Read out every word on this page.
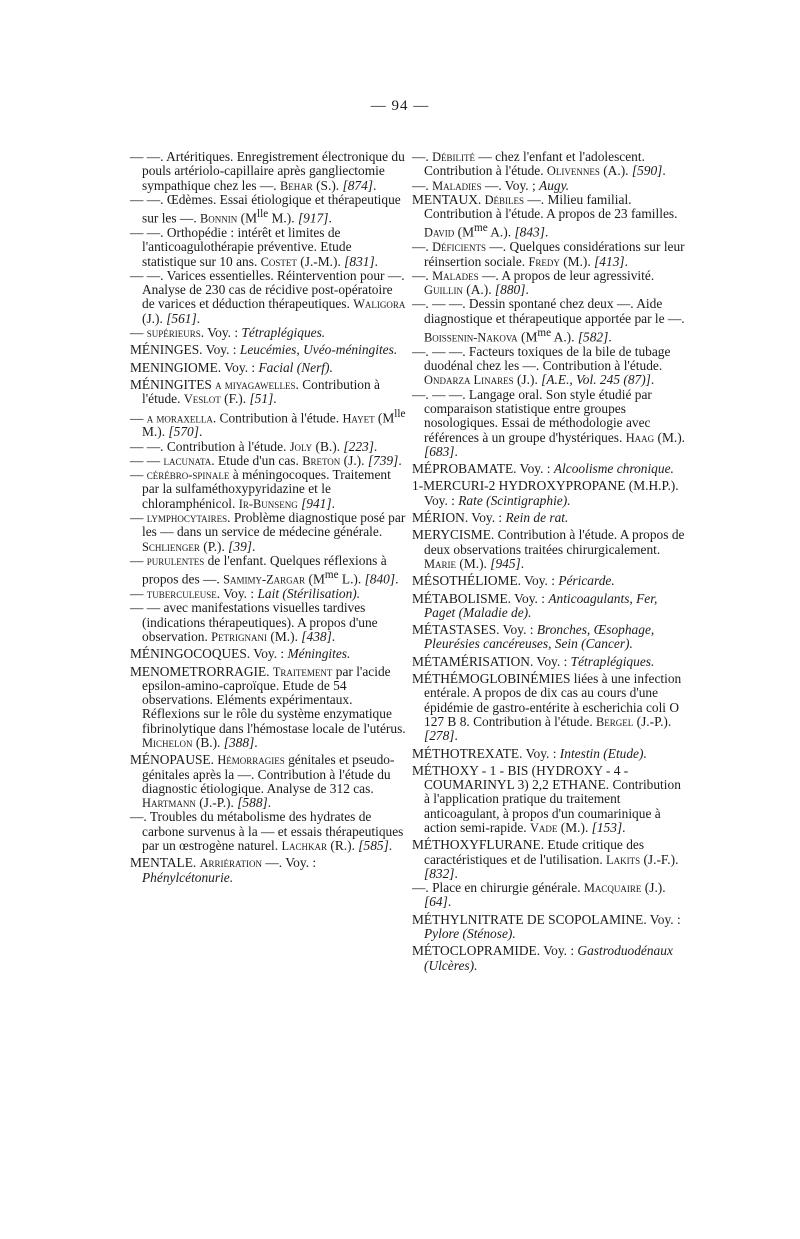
— 94 —

— —. Artéritiques. Enregistrement électronique du pouls artériolo-capillaire après gangliectomie sympathique chez les —. Behar (S.). [874].

— —. Œdèmes. Essai étiologique et thérapeutique sur les —. Bonnin ($M^{lle}$ M.). [917].

— —. Orthopédie : intérêt et limites de l'anticoagulothérapie préventive. Etude statistique sur 10 ans. Costet (J.-M.). [831].

— —. Varices essentielles. Réintervention pour —. Analyse de 230 cas de récidive post-opératoire de varices et déduction thérapeutiques. Waligora (J.). [561].

— supérieurs. Voy. : Tétraplégiques.

MÉNINGES. Voy. : Leucémies, Uvéo-méningites.

MENINGIOME. Voy. : Facial (Nerf).

MÉNINGITES a miyagawelles. Contribution à l'étude. Veslot (F.). [51].

— a moraxella. Contribution à l'étude. Hayet ($M^{lle}$ M.). [570].

— —. Contribution à l'étude. Joly (B.). [223].

— — lacunata. Etude d'un cas. Breton (J.). [739].

— cérébro-spinale à méningocoques. Traitement par la sulfaméthoxypyridazine et le chloramphénicol. Ir-Bunseng [941].

— lymphocytaires. Problème diagnostique posé par les — dans un service de médecine générale. Schlienger (P.). [39].

— purulentes de l'enfant. Quelques réflexions à propos des —. Samimy-Zargar ($M^{me}$ L.). [840].

— tuberculeuse. Voy. : Lait (Stérilisation).

— — avec manifestations visuelles tardives (indications thérapeutiques). A propos d'une observation. Petrignani (M.). [438].

MÉNINGOCOQUES. Voy. : Méningites.

MENOMETRORRAGIE. Traitement par l'acide epsilon-amino-caproïque. Etude de 54 observations. Eléments expérimentaux. Réflexions sur le rôle du système enzymatique fibrinolytique dans l'hémostase locale de l'utérus. Michelon (B.). [388].

MÉNOPAUSE. Hémorragies génitales et pseudo-génitales après la —. Contribution à l'étude du diagnostic étiologique. Analyse de 312 cas. Hartmann (J.-P.). [588].

—. Troubles du métabolisme des hydrates de carbone survenus à la — et essais thérapeutiques par un œstrogène naturel. Lachkar (R.). [585].

MENTALE. Arriération —. Voy. : Phénylcétonurie.

—. Débilité — chez l'enfant et l'adolescent. Contribution à l'étude. Olivennes (A.). [590].

—. Maladies —. Voy. ; Augy.

MENTAUX. Débiles —. Milieu familial. Contribution à l'étude. A propos de 23 familles. David ($M^{me}$ A.). [843].

—. Déficients —. Quelques considérations sur leur réinsertion sociale. Fredy (M.). [413].

—. Malades —. A propos de leur agressivité. Guillin (A.). [880].

—. — —. Dessin spontané chez deux —. Aide diagnostique et thérapeutique apportée par le —. Boissenin-Nakova ($M^{me}$ A.). [582].

—. — —. Facteurs toxiques de la bile de tubage duodénal chez les —. Contribution à l'étude. Ondarza Linares (J.). [A.E., Vol. 245 (87)].

—. — —. Langage oral. Son style étudié par comparaison statistique entre groupes nosologiques. Essai de méthodologie avec références à un groupe d'hystériques. Haag (M.). [683].

MÉPROBAMATE. Voy. : Alcoolisme chronique.

1-MERCURI-2 HYDROXYPROPANE (M.H.P.). Voy. : Rate (Scintigraphie).

MÉRION. Voy. : Rein de rat.

MERYCISME. Contribution à l'étude. A propos de deux observations traitées chirurgicalement. Marie (M.). [945].

MÉSOTHÉLIOME. Voy. : Péricarde.

MÉTABOLISME. Voy. : Anticoagulants, Fer, Paget (Maladie de).

MÉTASTASES. Voy. : Bronches, Œsophage, Pleurésies cancéreuses, Sein (Cancer).

MÉTAMÉRISATION. Voy. : Tétraplégiques.

MÉTHÉMOGLOBINÉMIES liées à une infection entérale. A propos de dix cas au cours d'une épidémie de gastro-entérite à escherichia coli O 127 B 8. Contribution à l'étude. Bergel (J.-P.). [278].

MÉTHOTREXATE. Voy. : Intestin (Etude).

MÉTHOXY - 1 - BIS (HYDROXY - 4 - COUMARINYL 3) 2,2 ETHANE. Contribution à l'application pratique du traitement anticoagulant, à propos d'un coumarinique à action semi-rapide. Vade (M.). [153].

MÉTHOXYFLURANE. Etude critique des caractéristiques et de l'utilisation. Lakits (J.-F.). [832].

—. Place en chirurgie générale. Macquaire (J.). [64].

MÉTHYLNITRATE DE SCOPOLAMINE. Voy. : Pylore (Sténose).

MÉTOCLOPRAMIDE. Voy. : Gastroduodénaux (Ulcères).
